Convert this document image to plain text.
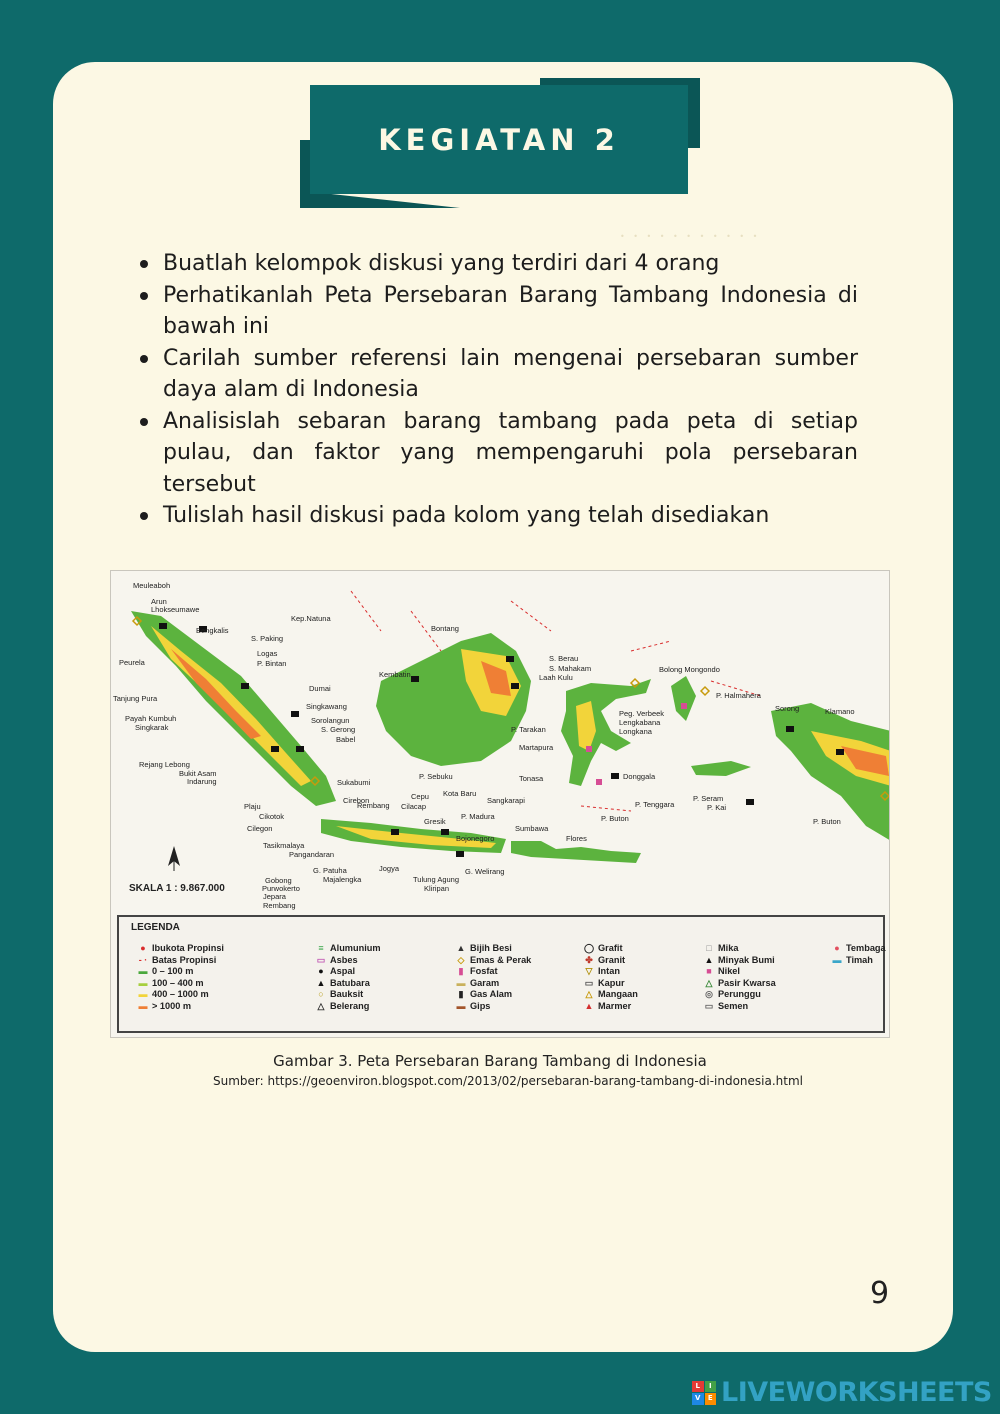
KEGIATAN 2
• • • • • • • • • • •
Buatlah kelompok diskusi yang terdiri dari 4 orang
Perhatikanlah Peta Persebaran Barang Tambang Indonesia di bawah ini
Carilah sumber referensi lain mengenai persebaran sumber daya alam di Indonesia
Analisislah sebaran barang tambang pada peta di setiap pulau, dan faktor yang mempengaruhi pola persebaran tersebut
Tulislah hasil diskusi pada kolom yang telah disediakan
Meuleaboh
Arun
Lhokseumawe
Bengkalis
Peurela
S. Paking
Logas
P. Bintan
Kep.Natuna
Tanjung Pura
Dumai
Singkawang
Payah Kumbuh
Singkarak
Sorolangun
S. Gerong
Babel
Rejang Lebong
Bukit Asam
Indarung
Plaju
Sukabumi
Cikotok
Cilegon
Cirebon
Rembang
Cepu
Cilacap
Gresik
Tasikmalaya
Pangandaran
G. Patuha
Majalengka
Jogya
Gobong
Purwokerto
Jepara
Rembang
Bontang
Kembatin
S. Berau
S. Mahakam
Laah Kulu
P. Tarakan
Martapura
P. Sebuku
Kota Baru
Sangkarapi
Tonasa
P. Madura
Bojonegoro
Sumbawa
Flores
Tulung Agung
Kliripan
G. Welirang
Bolong Mongondo
Peg. Verbeek
Lengkabana
Longkana
Donggala
P. Buton
P. Tenggara
P. Seram
P. Kai
P. Halmahera
Sorong	Klamano
P. Buton
SKALA 1 : 9.867.000
LEGENDA
● Ibukota Propinsi
- · Batas Propinsi
▬ 0 – 100 m
▬ 100 – 400 m
▬ 400 – 1000 m
▬ > 1000 m
≡ Alumunium
▭ Asbes
● Aspal
▲ Batubara
○ Bauksit
△ Belerang
▲ Bijih Besi
◇ Emas & Perak
▮ Fosfat
▬ Garam
▮ Gas Alam
▬ Gips
◯ Grafit
✤ Granit
▽ Intan
▭ Kapur
△ Mangaan
▲ Marmer
□ Mika
▲ Minyak Bumi
■ Nikel
△ Pasir Kwarsa
◎ Perunggu
▭ Semen
● Tembaga
▬ Timah
Gambar 3. Peta Persebaran Barang Tambang di Indonesia
Sumber: https://geoenviron.blogspot.com/2013/02/persebaran-barang-tambang-di-indonesia.html
9
L	I
V	E LIVEWORKSHEETS
